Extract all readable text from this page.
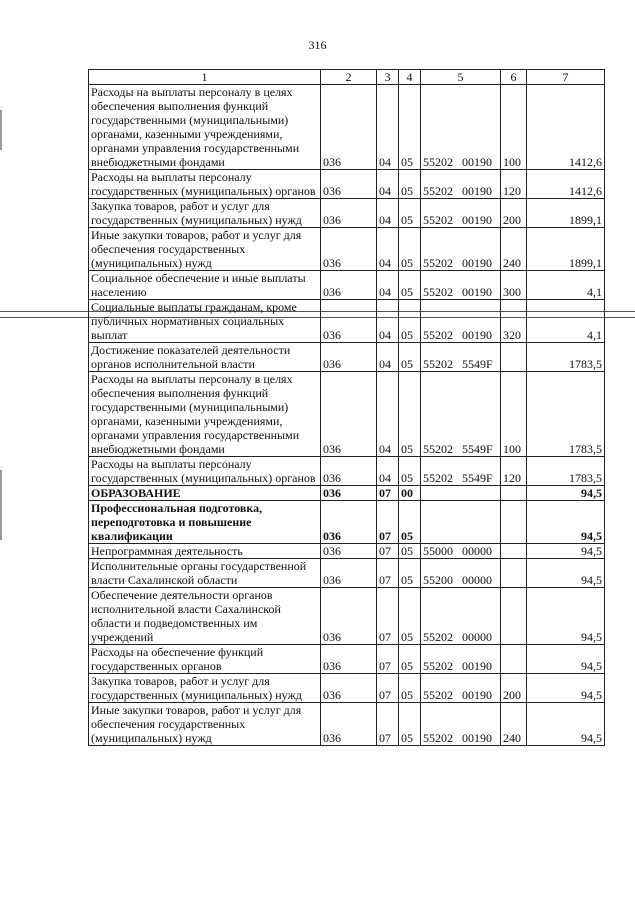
316
1	2	3	4	5	6	7
Расходы на выплаты персоналу в целях обеспечения выполнения функций государственными (муниципальными) органами, казенными учреждениями, органами управления государственными внебюджетными фондами	036	04	05	55202 00190	100	1412,6
Расходы на выплаты персоналу государственных (муниципальных) органов	036	04	05	55202 00190	120	1412,6
Закупка товаров, работ и услуг для государственных (муниципальных) нужд	036	04	05	55202 00190	200	1899,1
Иные закупки товаров, работ и услуг для обеспечения государственных (муниципальных) нужд	036	04	05	55202 00190	240	1899,1
Социальное обеспечение и иные выплаты населению	036	04	05	55202 00190	300	4,1
Социальные выплаты гражданам, кроме публичных нормативных социальных выплат	036	04	05	55202 00190	320	4,1
Достижение показателей деятельности органов исполнительной власти	036	04	05	55202 5549F		1783,5
Расходы на выплаты персоналу в целях обеспечения выполнения функций государственными (муниципальными) органами, казенными учреждениями, органами управления государственными внебюджетными фондами	036	04	05	55202 5549F	100	1783,5
Расходы на выплаты персоналу государственных (муниципальных) органов	036	04	05	55202 5549F	120	1783,5
ОБРАЗОВАНИЕ	036	07	00			94,5
Профессиональная подготовка, переподготовка и повышение квалификации	036	07	05			94,5
Непрограммная деятельность	036	07	05	55000 00000		94,5
Исполнительные органы государственной власти Сахалинской области	036	07	05	55200 00000		94,5
Обеспечение деятельности органов исполнительной власти Сахалинской области и подведомственных им учреждений	036	07	05	55202 00000		94,5
Расходы на обеспечение функций государственных органов	036	07	05	55202 00190		94,5
Закупка товаров, работ и услуг для государственных (муниципальных) нужд	036	07	05	55202 00190	200	94,5
Иные закупки товаров, работ и услуг для обеспечения государственных (муниципальных) нужд	036	07	05	55202 00190	240	94,5
